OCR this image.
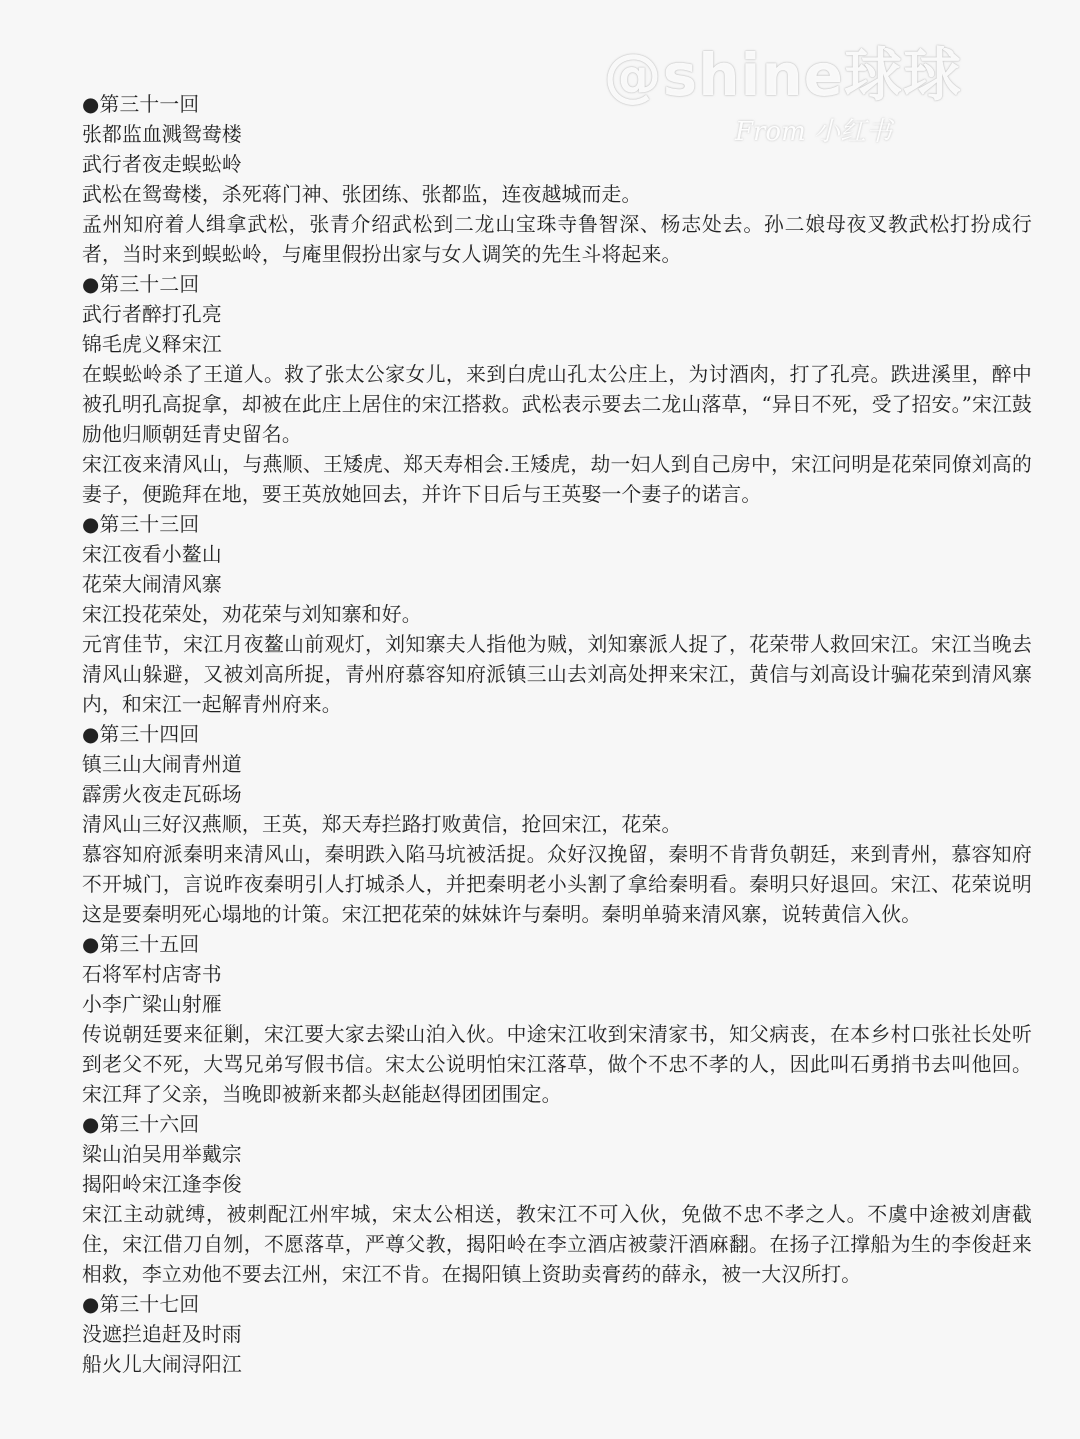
@shine球球
From 小红书
●第三十一回
张都监血溅鸳鸯楼
武行者夜走蜈蚣岭
武松在鸳鸯楼，杀死蒋门神、张团练、张都监，连夜越城而走。
孟州知府着人缉拿武松，张青介绍武松到二龙山宝珠寺鲁智深、杨志处去。孙二娘母夜叉教武松打扮成行者，当时来到蜈蚣岭，与庵里假扮出家与女人调笑的先生斗将起来。
●第三十二回
武行者醉打孔亮
锦毛虎义释宋江
在蜈蚣岭杀了王道人。救了张太公家女儿，来到白虎山孔太公庄上，为讨酒肉，打了孔亮。跌进溪里，醉中被孔明孔高捉拿，却被在此庄上居住的宋江搭救。武松表示要去二龙山落草，“异日不死，受了招安。”宋江鼓励他归顺朝廷青史留名。
宋江夜来清风山，与燕顺、王矮虎、郑天寿相会.王矮虎，劫一妇人到自己房中，宋江问明是花荣同僚刘高的妻子，便跪拜在地，要王英放她回去，并许下日后与王英娶一个妻子的诺言。
●第三十三回
宋江夜看小鳌山
花荣大闹清风寨
宋江投花荣处，劝花荣与刘知寨和好。
元宵佳节，宋江月夜鳌山前观灯，刘知寨夫人指他为贼，刘知寨派人捉了，花荣带人救回宋江。宋江当晚去清风山躲避，又被刘高所捉，青州府慕容知府派镇三山去刘高处押来宋江，黄信与刘高设计骗花荣到清风寨内，和宋江一起解青州府来。
●第三十四回
镇三山大闹青州道
霹雳火夜走瓦砾场
清风山三好汉燕顺，王英，郑天寿拦路打败黄信，抢回宋江，花荣。
慕容知府派秦明来清风山，秦明跌入陷马坑被活捉。众好汉挽留，秦明不肯背负朝廷，来到青州，慕容知府不开城门，言说昨夜秦明引人打城杀人，并把秦明老小头割了拿给秦明看。秦明只好退回。宋江、花荣说明这是要秦明死心塌地的计策。宋江把花荣的妹妹许与秦明。秦明单骑来清风寨，说转黄信入伙。
●第三十五回
石将军村店寄书
小李广梁山射雁
传说朝廷要来征剿，宋江要大家去梁山泊入伙。中途宋江收到宋清家书，知父病丧，在本乡村口张社长处听到老父不死，大骂兄弟写假书信。宋太公说明怕宋江落草，做个不忠不孝的人，因此叫石勇捎书去叫他回。宋江拜了父亲，当晚即被新来都头赵能赵得团团围定。
●第三十六回
梁山泊吴用举戴宗
揭阳岭宋江逢李俊
宋江主动就缚，被刺配江州牢城，宋太公相送，教宋江不可入伙，免做不忠不孝之人。不虞中途被刘唐截住，宋江借刀自刎，不愿落草，严尊父教，揭阳岭在李立酒店被蒙汗酒麻翻。在扬子江撑船为生的李俊赶来相救，李立劝他不要去江州，宋江不肯。在揭阳镇上资助卖膏药的薛永，被一大汉所打。
●第三十七回
没遮拦追赶及时雨
船火儿大闹浔阳江
